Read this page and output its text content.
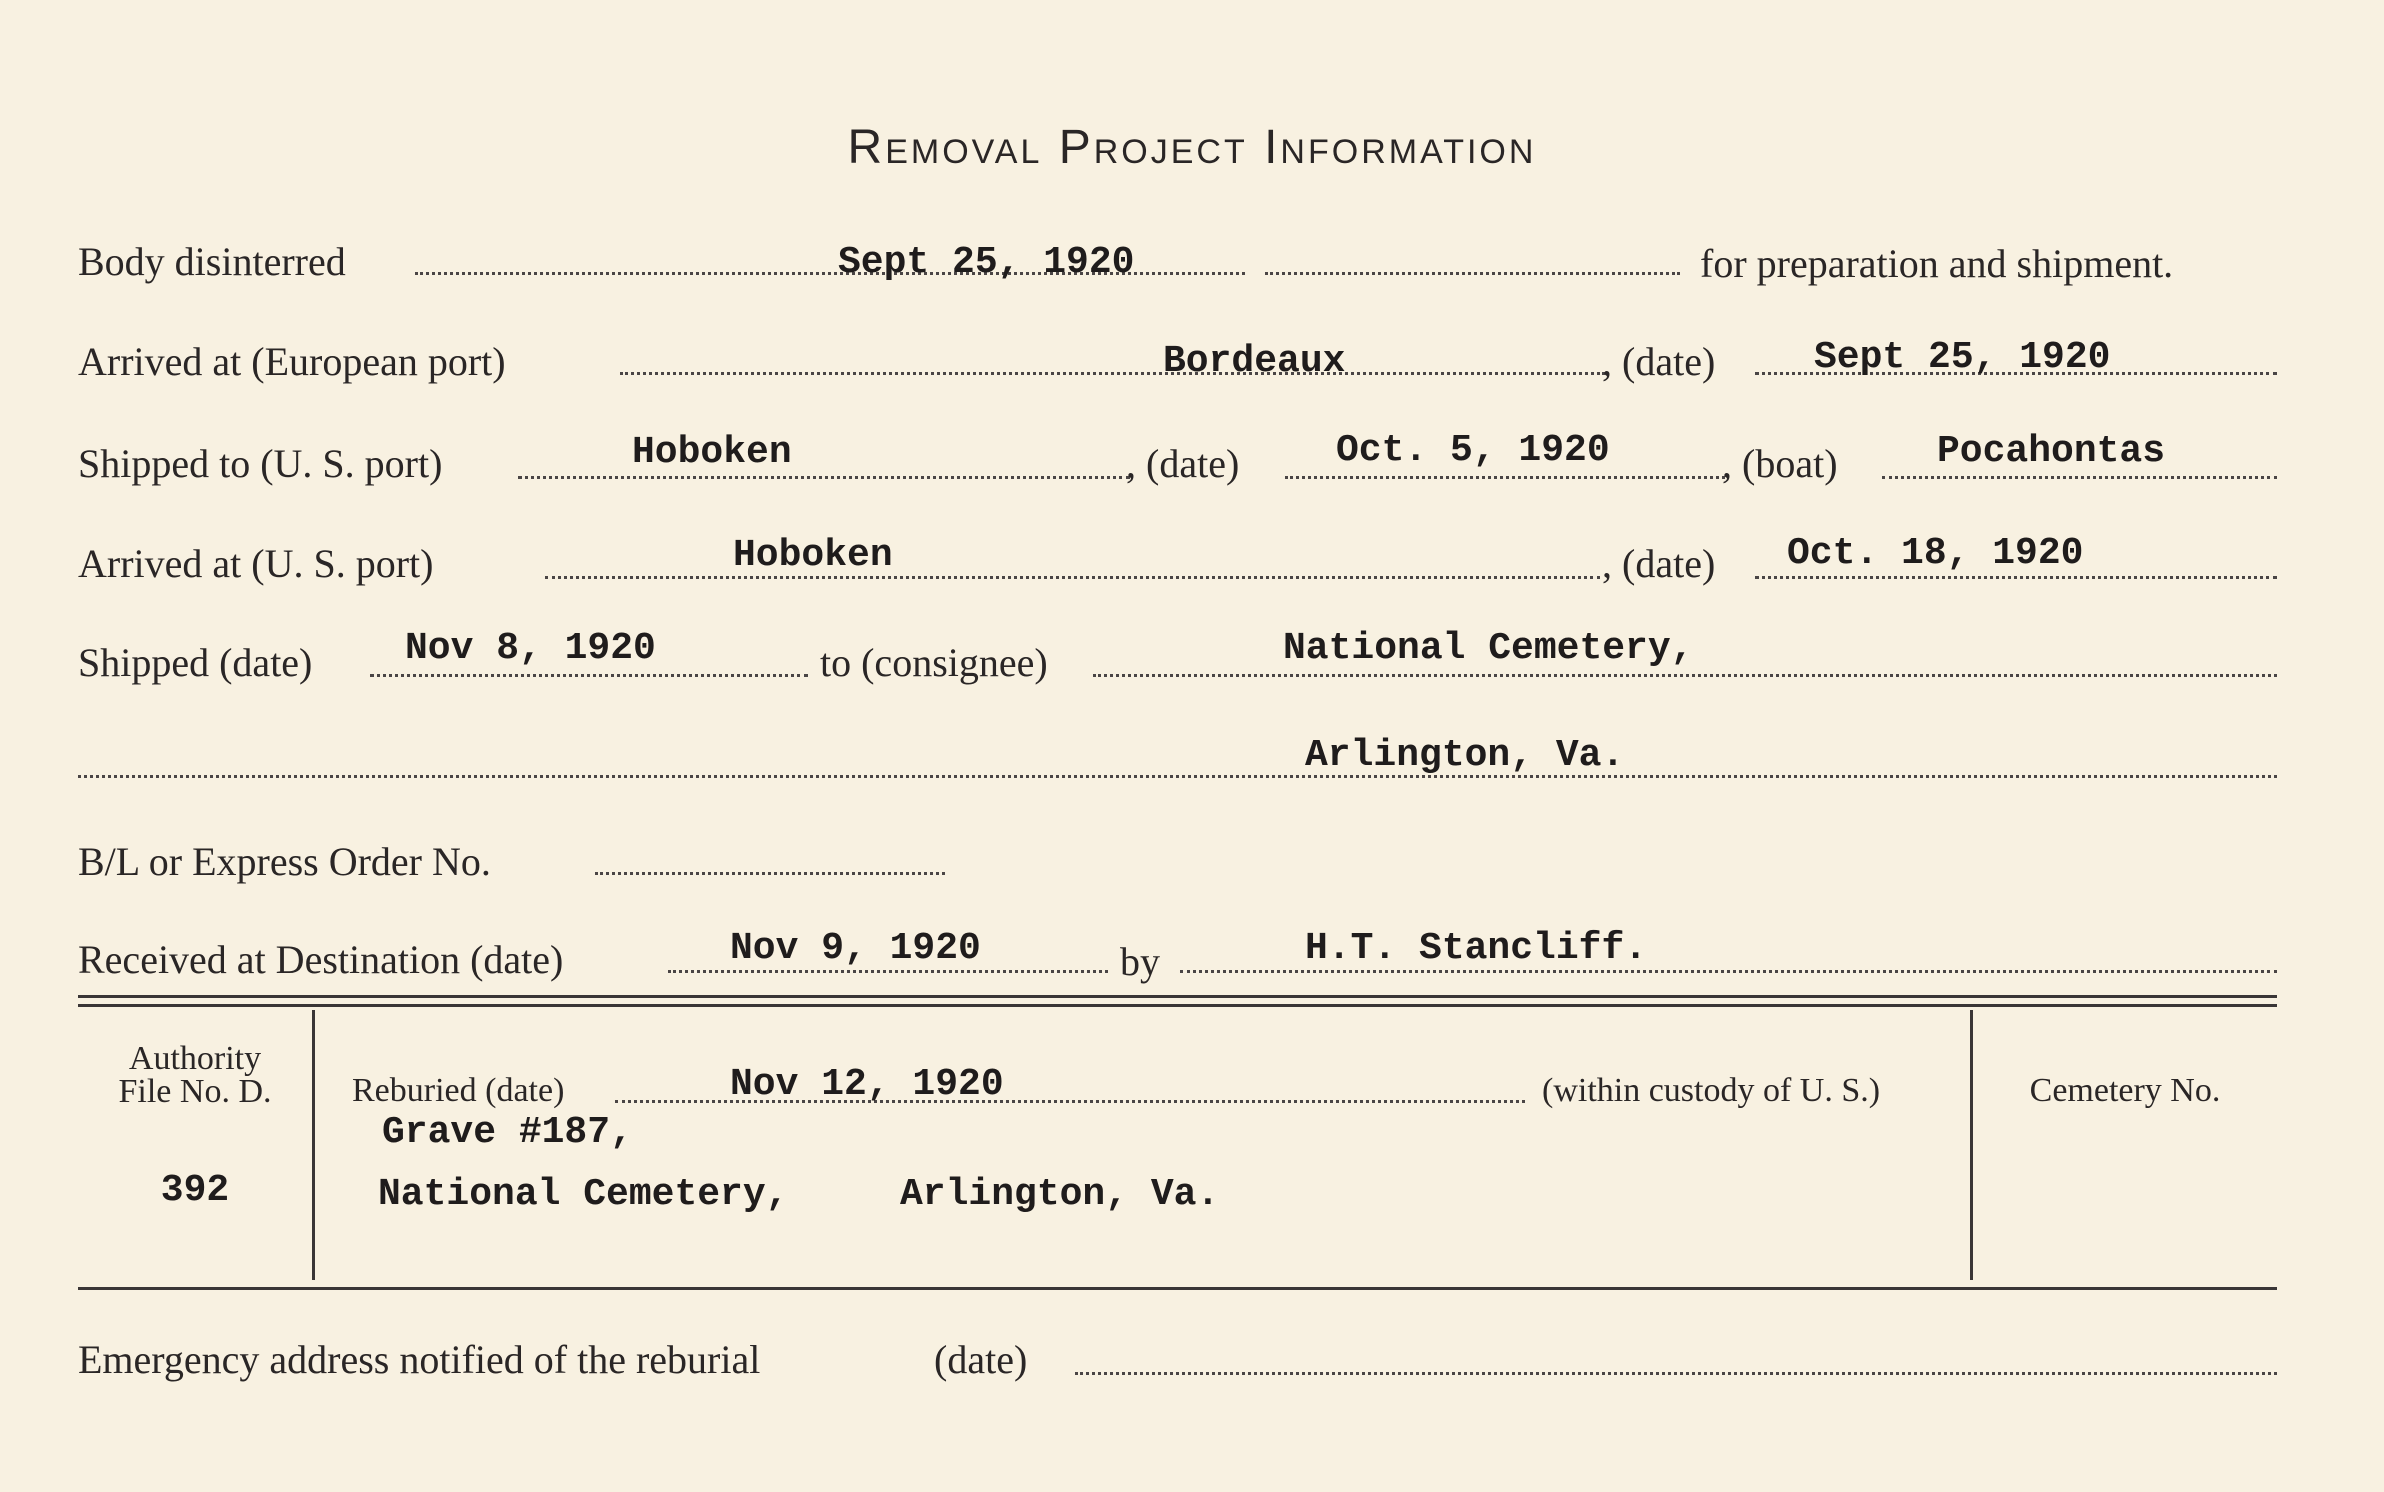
Removal Project Information
Body disinterred	Sept 25, 1920	for preparation and shipment.
Arrived at (European port)	Bordeaux	, (date)	Sept 25, 1920
Shipped to (U. S. port)	Hoboken	, (date)	Oct. 5, 1920	, (boat)	Pocahontas
Arrived at (U. S. port)	Hoboken	, (date) Oct. 18, 1920
Shipped (date) Nov 8, 1920	to (consignee)	National Cemetery,
Arlington, Va.
B/L or Express Order No.
Received at Destination (date)	Nov 9, 1920	by	H.T. Stancliff.
Authority
File No. D.
392
Reburied (date)	Nov 12, 1920	(within custody of U. S.)
Grave #187,
National Cemetery,	Arlington, Va.
Cemetery No.
Emergency address notified of the reburial	(date)
